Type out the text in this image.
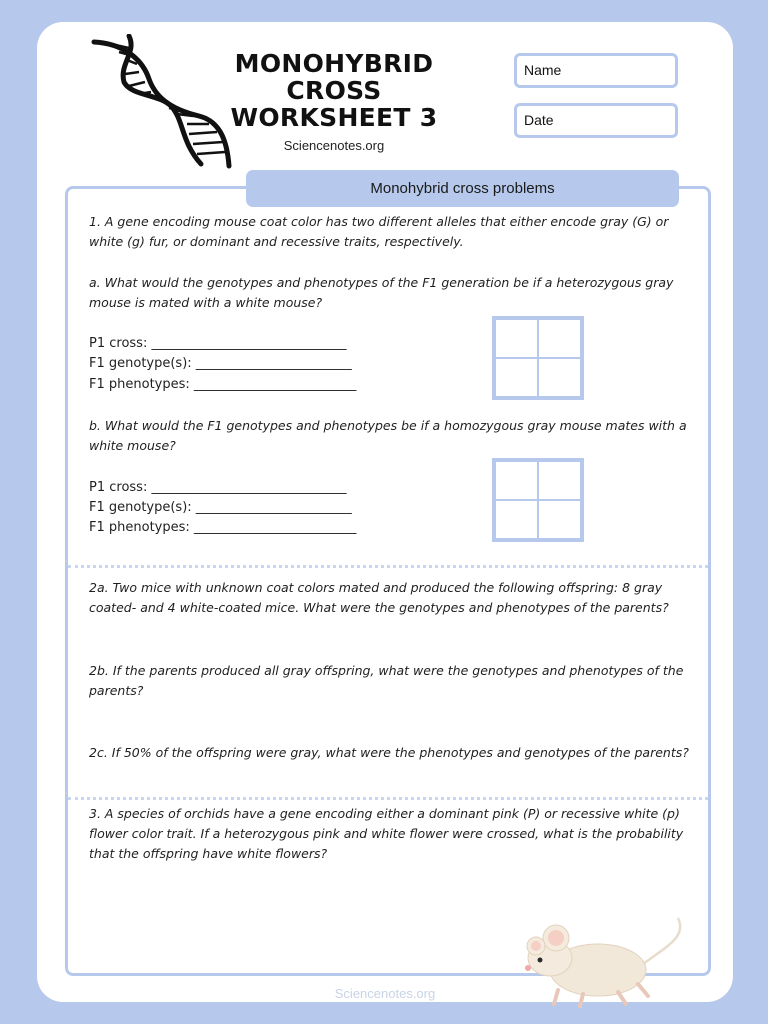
MONOHYBRID
CROSS
WORKSHEET 3
Sciencenotes.org
Name
Date
Monohybrid cross problems
1. A gene encoding mouse coat color has two different alleles that either encode gray (G) or white (g) fur, or dominant and recessive traits, respectively.
a. What would the genotypes and phenotypes of the F1 generation be if a heterozygous gray mouse is mated with a white mouse?
P1 cross: ______________________________
F1 genotype(s): ________________________
F1 phenotypes: _________________________
b. What would the F1 genotypes and phenotypes be if a homozygous gray mouse mates with a white mouse?
P1 cross: ______________________________
F1 genotype(s): ________________________
F1 phenotypes: _________________________
2a. Two mice with unknown coat colors mated and produced the following offspring: 8 gray coated- and 4 white-coated mice. What were the genotypes and phenotypes of the parents?
2b. If the parents produced all gray offspring, what were the genotypes and phenotypes of the parents?
2c. If 50% of the offspring were gray, what were the phenotypes and genotypes of the parents?
3. A species of orchids have a gene encoding either a dominant pink (P) or recessive white (p) flower color trait. If a heterozygous pink and white flower were crossed, what is the probability that the offspring have white flowers?
Sciencenotes.org
